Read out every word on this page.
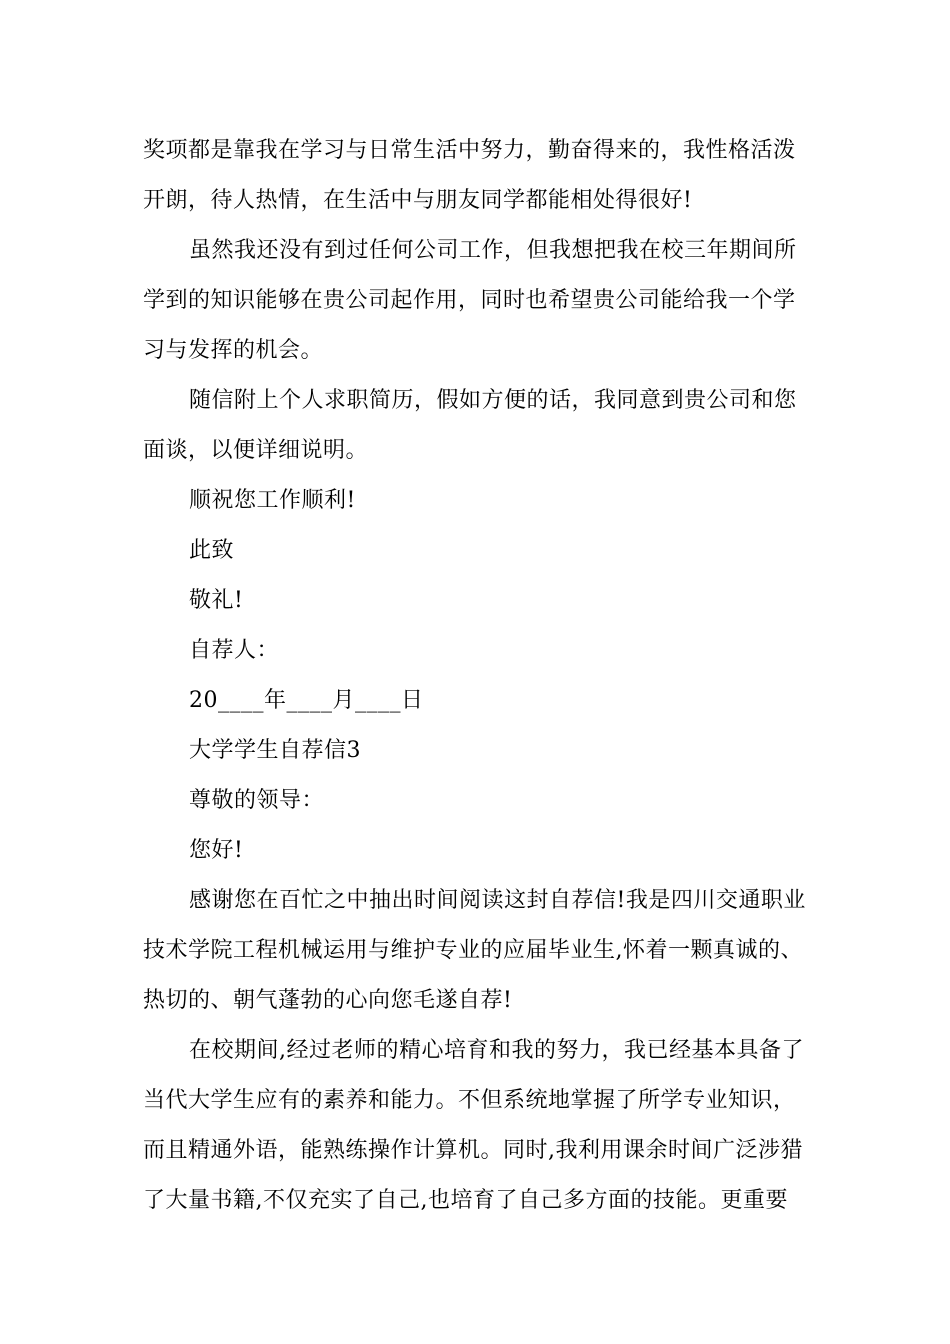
奖项都是靠我在学习与日常生活中努力，勤奋得来的，我性格活泼
开朗，待人热情，在生活中与朋友同学都能相处得很好!
虽然我还没有到过任何公司工作，但我想把我在校三年期间所
学到的知识能够在贵公司起作用，同时也希望贵公司能给我一个学
习与发挥的机会。
随信附上个人求职简历，假如方便的话，我同意到贵公司和您
面谈，以便详细说明。
顺祝您工作顺利!
此致
敬礼!
自荐人：
20____年____月____日
大学学生自荐信3
尊敬的领导：
您好!
感谢您在百忙之中抽出时间阅读这封自荐信!我是四川交通职业
技术学院工程机械运用与维护专业的应届毕业生,怀着一颗真诚的、
热切的、朝气蓬勃的心向您毛遂自荐!
在校期间,经过老师的精心培育和我的努力，我已经基本具备了
当代大学生应有的素养和能力。不但系统地掌握了所学专业知识，
而且精通外语，能熟练操作计算机。同时,我利用课余时间广泛涉猎
了大量书籍,不仅充实了自己,也培育了自己多方面的技能。更重要
